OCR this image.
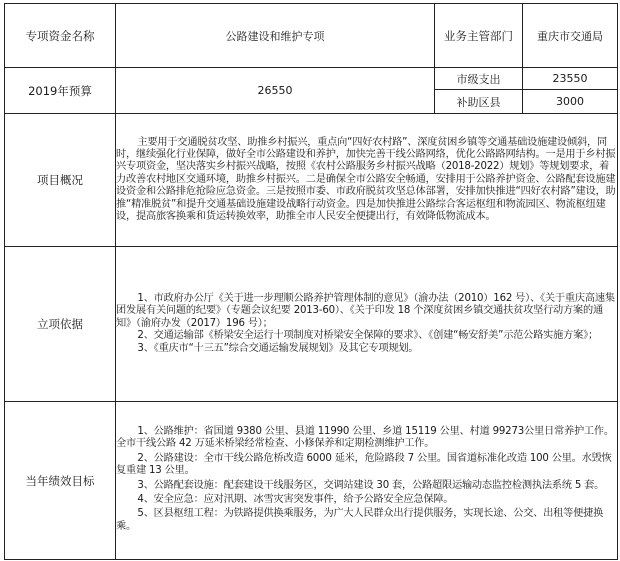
专项资金名称	公路建设和维护专项	业务主管部门	重庆市交通局
2019年预算	26550	市级支出	23550
		补助区县	3000
项目概况	主要用于交通脱贫攻坚、助推乡村振兴，重点向“四好农村路”、深度贫困乡镇等交通基础设施建设倾斜，同时，继续强化行业保障，做好全市公路建设和养护，加快完善干线公路网络，优化公路路网结构。一是用于乡村振兴专项资金，坚决落实乡村振兴战略，按照《农村公路服务乡村振兴战略（2018-2022）规划》等规划要求，着力改善农村地区交通环境，助推乡村振兴。二是确保全市公路安全畅通，安排用于公路养护资金、公路配套设施建设资金和公路排危抢险应急资金。三是按照市委、市政府脱贫攻坚总体部署，安排加快推进“四好农村路”建设，助推“精准脱贫”和提升交通基础设施建设战略行动资金。四是加快推进公路综合客运枢纽和物流园区、物流枢纽建设，提高旅客换乘和货运转换效率，助推全市人民安全便捷出行，有效降低物流成本。		

立项依据	1、市政府办公厅《关于进一步理顺公路养护管理体制的意见》（渝办法（2010）162 号）、《关于重庆高速集团发展有关问题的纪要》（专题会议纪要 2013-60）、《关于印发 18 个深度贫困乡镇交通扶贫攻坚行动方案的通知》（渝府办发（2017）196 号）；

2、交通运输部《桥梁安全运行十项制度对桥梁安全保障的要求》、《创建“畅安舒美”示范公路实施方案》；

3、《重庆市“十三五”综合交通运输发展规划》及其它专项规划。		

当年绩效目标	1、公路维护：省国道 9380 公里、县道 11990 公里、乡道 15119 公里、村道 99273公里日常养护工作。全市干线公路 42 万延米桥梁经常检查、小修保养和定期检测维护工作。

2、公路建设：全市干线公路危桥改造 6000 延米，危险路段 7 公里。国省道标准化改造 100 公里。水毁恢复重建 13 公里。

3、公路配套设施：配套建设干线服务区，交调站建设 30 套，公路超限运输动态监控检测执法系统 5 套。

4、安全应急：应对汛期、冰雪灾害突发事件，给予公路安全应急保障。

5、区县枢纽工程：为铁路提供换乘服务，为广大人民群众出行提供服务，实现长途、公交、出租等便捷换乘。		
